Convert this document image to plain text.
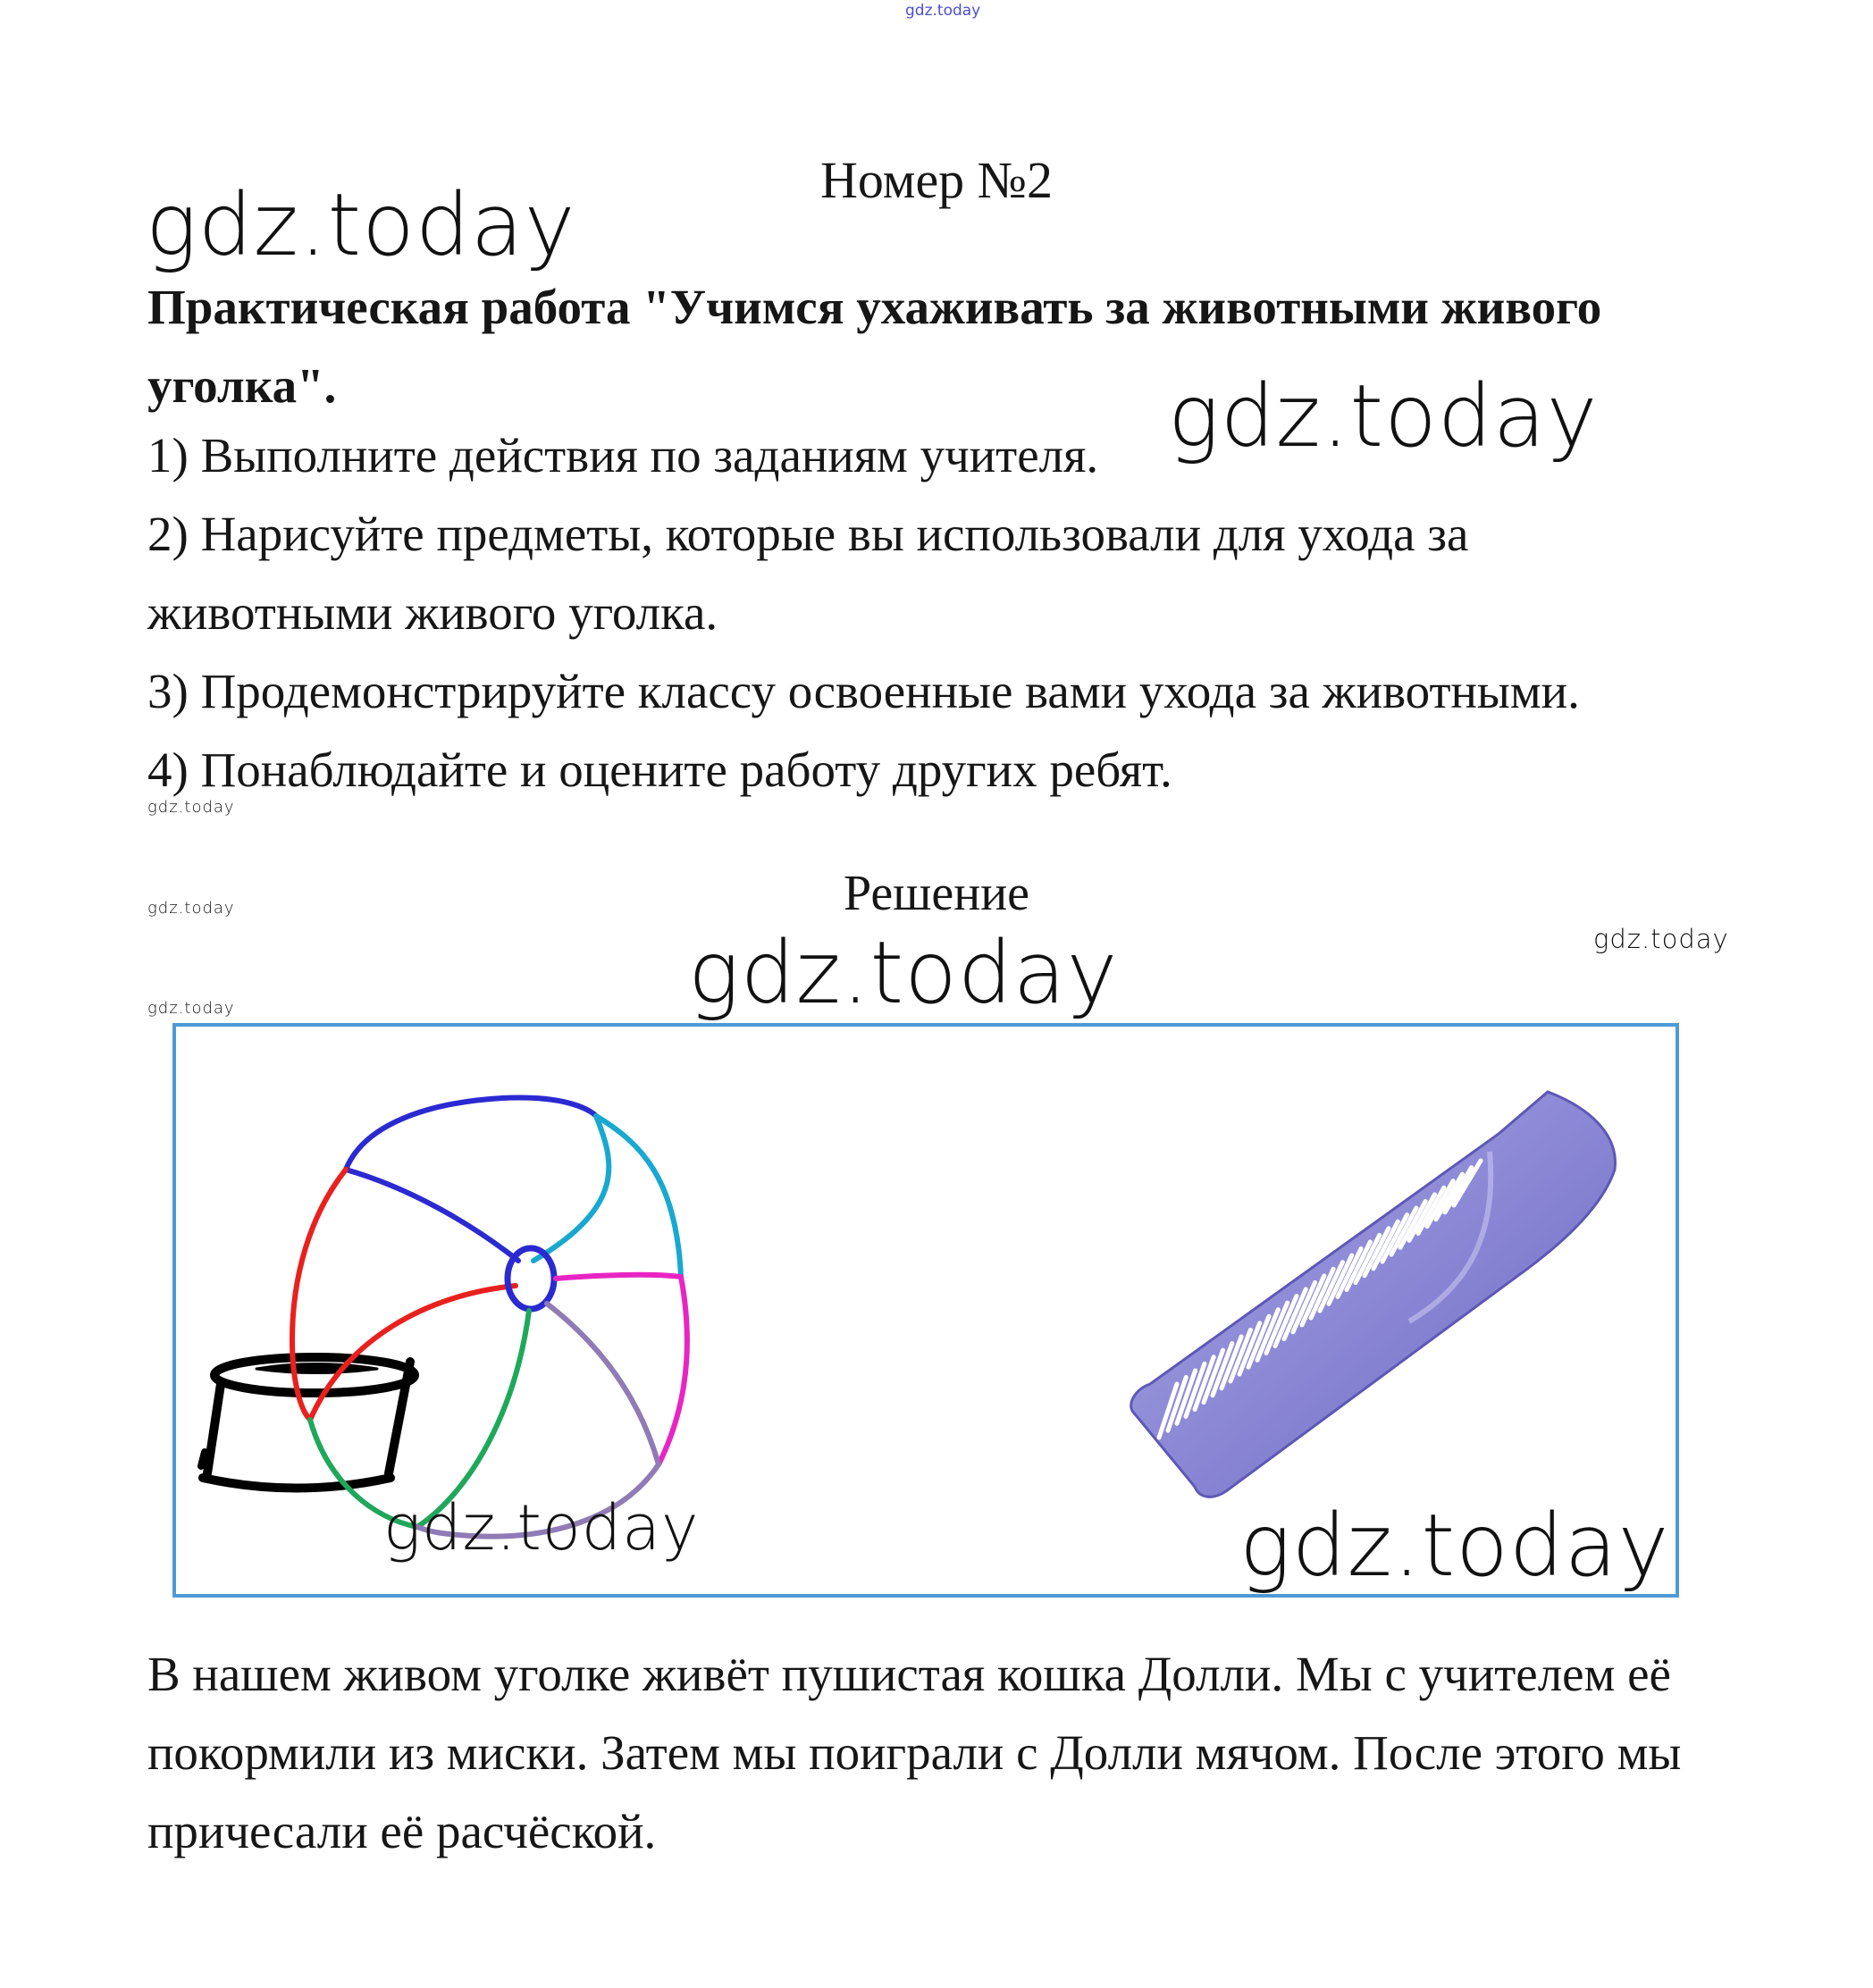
gdz.today
Номер №2
gdz.today
Практическая работа "Учимся ухаживать за животными живого уголка".	gdz.today
1) Выполните действия по заданиям учителя.
2) Нарисуйте предметы, которые вы использовали для ухода за
животными живого уголка.
3) Продемонстрируйте классу освоенные вами ухода за животными.
4) Понаблюдайте и оцените работу других ребят.
gdz.today
gdz.today
gdz.today
gdz.today
Решение
gdz.today
gdz.today	gdz.today
В нашем живом уголке живёт пушистая кошка Долли. Мы с учителем её покормили из миски. Затем мы поиграли с Долли мячом. После этого мы причесали её расчёской.
